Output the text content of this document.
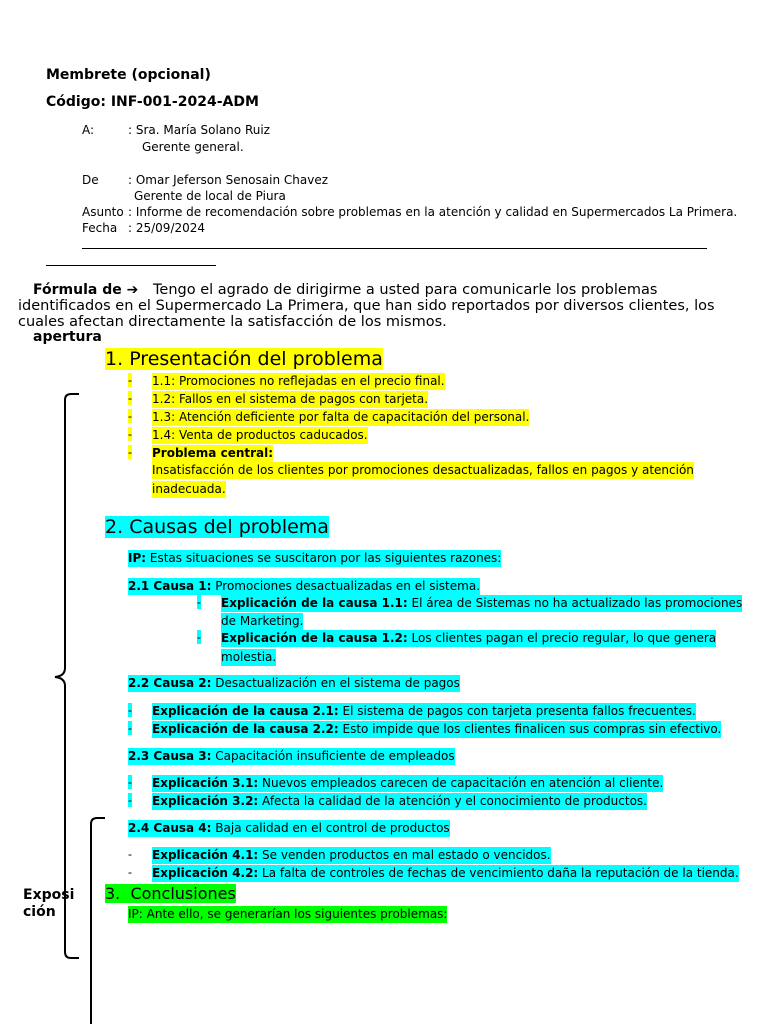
Membrete (opcional)
Código: INF-001-2024-ADM
A:	: Sra. María Solano Ruiz
Gerente general.
De : Omar Jeferson Senosain Chavez
Gerente de local de Piura
Asunto : Informe de recomendación sobre problemas en la atención y calidad en Supermercados La Primera.
Fecha : 25/09/2024
Fórmula de ➔ Tengo el agrado de dirigirme a usted para comunicarle los problemas
identificados en el Supermercado La Primera, que han sido reportados por diversos clientes, los
cuales afectan directamente la satisfacción de los mismos.
apertura
Exposi
ción
1. Presentación del problema
- 1.1: Promociones no reflejadas en el precio final.
- 1.2: Fallos en el sistema de pagos con tarjeta.
- 1.3: Atención deficiente por falta de capacitación del personal.
- 1.4: Venta de productos caducados.
- Problema central:
Insatisfacción de los clientes por promociones desactualizadas, fallos en pagos y atención
inadecuada.
2. Causas del problema
IP: Estas situaciones se suscitaron por las siguientes razones:
2.1 Causa 1: Promociones desactualizadas en el sistema.
- Explicación de la causa 1.1: El área de Sistemas no ha actualizado las promociones
de Marketing.
- Explicación de la causa 1.2: Los clientes pagan el precio regular, lo que genera
molestia.
2.2 Causa 2: Desactualización en el sistema de pagos
- Explicación de la causa 2.1: El sistema de pagos con tarjeta presenta fallos frecuentes.
- Explicación de la causa 2.2: Esto impide que los clientes finalicen sus compras sin efectivo.
2.3 Causa 3: Capacitación insuficiente de empleados
- Explicación 3.1: Nuevos empleados carecen de capacitación en atención al cliente.
- Explicación 3.2: Afecta la calidad de la atención y el conocimiento de productos.
2.4 Causa 4: Baja calidad en el control de productos
- Explicación 4.1: Se venden productos en mal estado o vencidos.
- Explicación 4.2: La falta de controles de fechas de vencimiento daña la reputación de la tienda.
3. Conclusiones
IP: Ante ello, se generarían los siguientes problemas:
